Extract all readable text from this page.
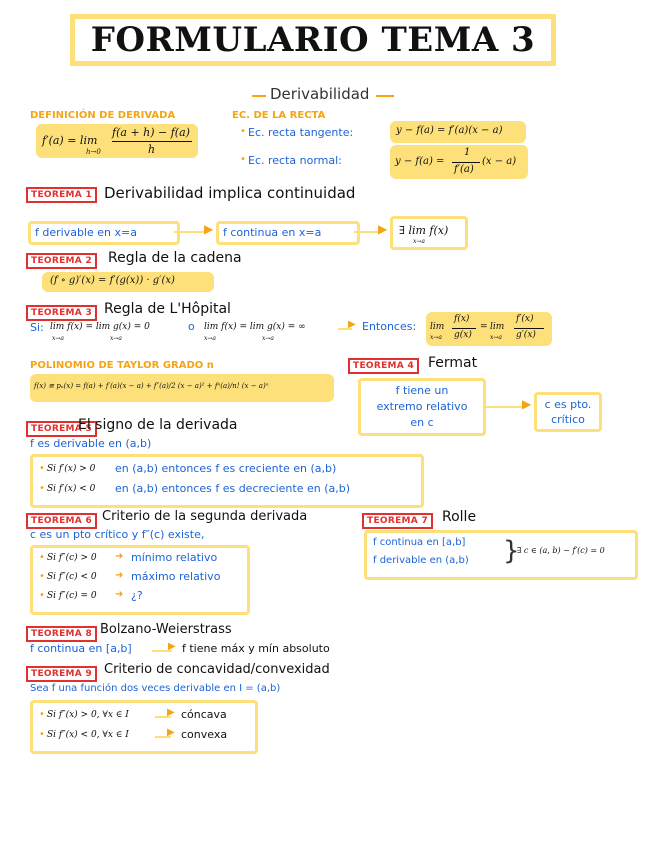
FORMULARIO TEMA 3
Derivabilidad
DEFINICIÓN DE DERIVADA
f′(a) = lim
h→0
f(a + h) − f(a)
h
EC. DE LA RECTA
• Ec. recta tangente:	y − f(a) = f′(a)(x − a)
• Ec. recta normal:	y − f(a) =
1
f′(a)
(x − a)
TEOREMA 1 Derivabilidad implica continuidad
f derivable en x=a	▶ f continua en x=a	▶ ∃ lim f(x)
x→a
TEOREMA 2	Regla de la cadena
(f ∘ g)′(x) = f′(g(x)) · g′(x)
TEOREMA 3 Regla de L'Hôpital
Si: lim f(x) = lim g(x) = 0
x→a	x→a
o lim f(x) = lim g(x) = ∞
x→a	x→a
▶ Entonces: lim
x→a
f(x)
g(x)
= lim
x→a
f′(x)
g′(x)
POLINOMIO DE TAYLOR GRADO n
f(x) ≅ pₙ(x) = f(a) + f′(a)(x − a) + f″(a)/2 (x − a)² + fⁿ(a)/n! (x − a)ⁿ
TEOREMA 4 Fermat
f tiene un
extremo relativo
en c
▶	c es pto.
crítico
TEOREMA 5
El signo de la derivada
f es derivable en (a,b)
• Si f′(x) > 0 en (a,b) entonces f es creciente en (a,b)
• Si f′(x) < 0 en (a,b) entonces f es decreciente en (a,b)
TEOREMA 6 Criterio de la segunda derivada
c es un pto crítico y f″(c) existe,
• Si f″(c) > 0 ➜ mínimo relativo
• Si f″(c) < 0 ➜ máximo relativo
• Si f″(c) = 0 ➜ ¿?
TEOREMA 7 Rolle
f continua en [a,b]
f derivable en (a,b) }
∃ c ∈ (a, b) − f′(c) = 0
TEOREMA 8 Bolzano-Weierstrass
f continua en [a,b]	▶ f tiene máx y mín absoluto
TEOREMA 9 Criterio de concavidad/convexidad
Sea f una función dos veces derivable en I = (a,b)
• Si f″(x) > 0, ∀x ∈ I	▶ cóncava
• Si f″(x) < 0, ∀x ∈ I	▶ convexa
